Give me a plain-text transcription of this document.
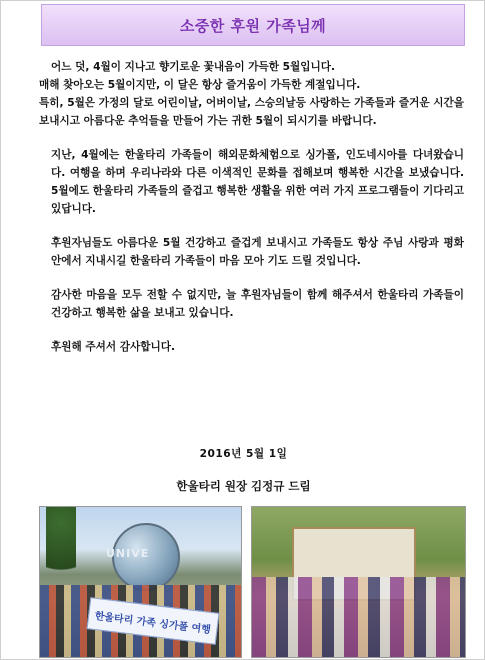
소중한 후원 가족님께

어느 덧, 4월이 지나고 향기로운 꽃내음이 가득한 5월입니다.
매해 찾아오는 5월이지만, 이 달은 항상 즐거움이 가득한 계절입니다.
특히, 5월은 가정의 달로 어린이날, 어버이날, 스승의날등 사랑하는 가족들과 즐거운 시간을 보내시고 아름다운 추억들을 만들어 가는 귀한 5월이 되시기를 바랍니다.

지난, 4월에는 한울타리 가족들이 해외문화체험으로 싱가폴, 인도네시아를 다녀왔습니다. 여행을 하며 우리나라와 다른 이색적인 문화를 접해보며 행복한 시간을 보냈습니다. 5월에도 한울타리 가족들의 즐겁고 행복한 생활을 위한 여러 가지 프로그램들이 기다리고 있답니다.

후원자님들도 아름다운 5월 건강하고 즐겁게 보내시고 가족들도 항상 주님 사랑과 평화 안에서 지내시길 한울타리 가족들이 마음 모아 기도 드릴 것입니다.

감사한 마음을 모두 전할 수 없지만, 늘 후원자님들이 함께 해주셔서 한울타리 가족들이 건강하고 행복한 삶을 보내고 있습니다.

후원해 주셔서 감사합니다.

2016년 5월 1일
한울타리 원장 김정규 드림
UNIVE
한울타리 가족 싱가폴 여행
